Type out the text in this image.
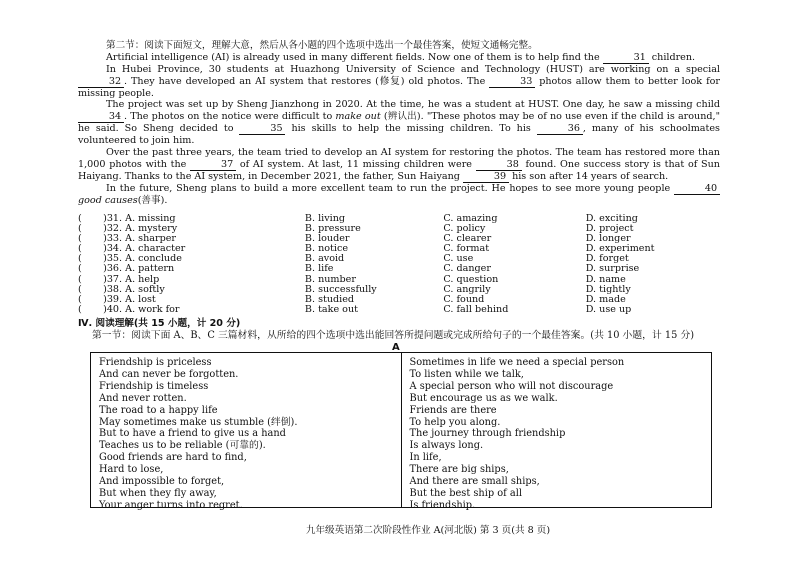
第二节：阅读下面短文，理解大意，然后从各小题的四个选项中选出一个最佳答案，使短文通畅完整。

Artificial intelligence (AI) is already used in many different fields. Now one of them is to help find the	31 children.

In Hubei Province, 30 students at Huazhong University of Science and Technology (HUST) are working on a special 32 . They have developed an AI system that restores (修复) old photos. The	33 photos allow them to better look for missing people.

The project was set up by Sheng Jianzhong in 2020. At the time, he was a student at HUST. One day, he saw a missing child 34 . The photos on the notice were difficult to make out (辨认出). "These photos may be of no use even if the child is around," he said. So Sheng decided to	35 his skills to help the missing children. To his	36 , many of his schoolmates volunteered to join him.

Over the past three years, the team tried to develop an AI system for restoring the photos. The team has restored more than 1,000 photos with the	37 of AI system. At last, 11 missing children were	38 found. One success story is that of Sun Haiyang. Thanks to the AI system, in December 2021, the father, Sun Haiyang	39 his son after 14 years of search.

In the future, Sheng plans to build a more excellent team to run the project. He hopes to see more young people	40 good causes(善事).

(       )31. A. missing	B. living	C. amazing	D. exciting
(       )32. A. mystery	B. pressure	C. policy	D. project
(       )33. A. sharper	B. louder	C. clearer	D. longer
(       )34. A. character	B. notice	C. format	D. experiment
(       )35. A. conclude	B. avoid	C. use	D. forget
(       )36. A. pattern	B. life	C. danger	D. surprise
(       )37. A. help	B. number	C. question	D. name
(       )38. A. softly	B. successfully	C. angrily	D. tightly
(       )39. A. lost	B. studied	C. found	D. made
(       )40. A. work for	B. take out	C. fall behind	D. use up

Ⅳ. 阅读理解(共 15 小题，计 20 分)

第一节：阅读下面 A、B、C 三篇材料，从所给的四个选项中选出能回答所提问题或完成所给句子的一个最佳答案。(共 10 小题，计 15 分)

A
Friendship is priceless
And can never be forgotten.
Friendship is timeless
And never rotten.
The road to a happy life
May sometimes make us stumble (绊倒).
But to have a friend to give us a hand
Teaches us to be reliable (可靠的).
Good friends are hard to find,
Hard to lose,
And impossible to forget,
But when they fly away,
Your anger turns into regret.
Sometimes in life we need a special person
To listen while we talk,
A special person who will not discourage
But encourage us as we walk.
Friends are there
To help you along.
The journey through friendship
Is always long.
In life,
There are big ships,
And there are small ships,
But the best ship of all
Is friendship.
九年级英语第二次阶段性作业 A(河北版) 第 3 页(共 8 页)
